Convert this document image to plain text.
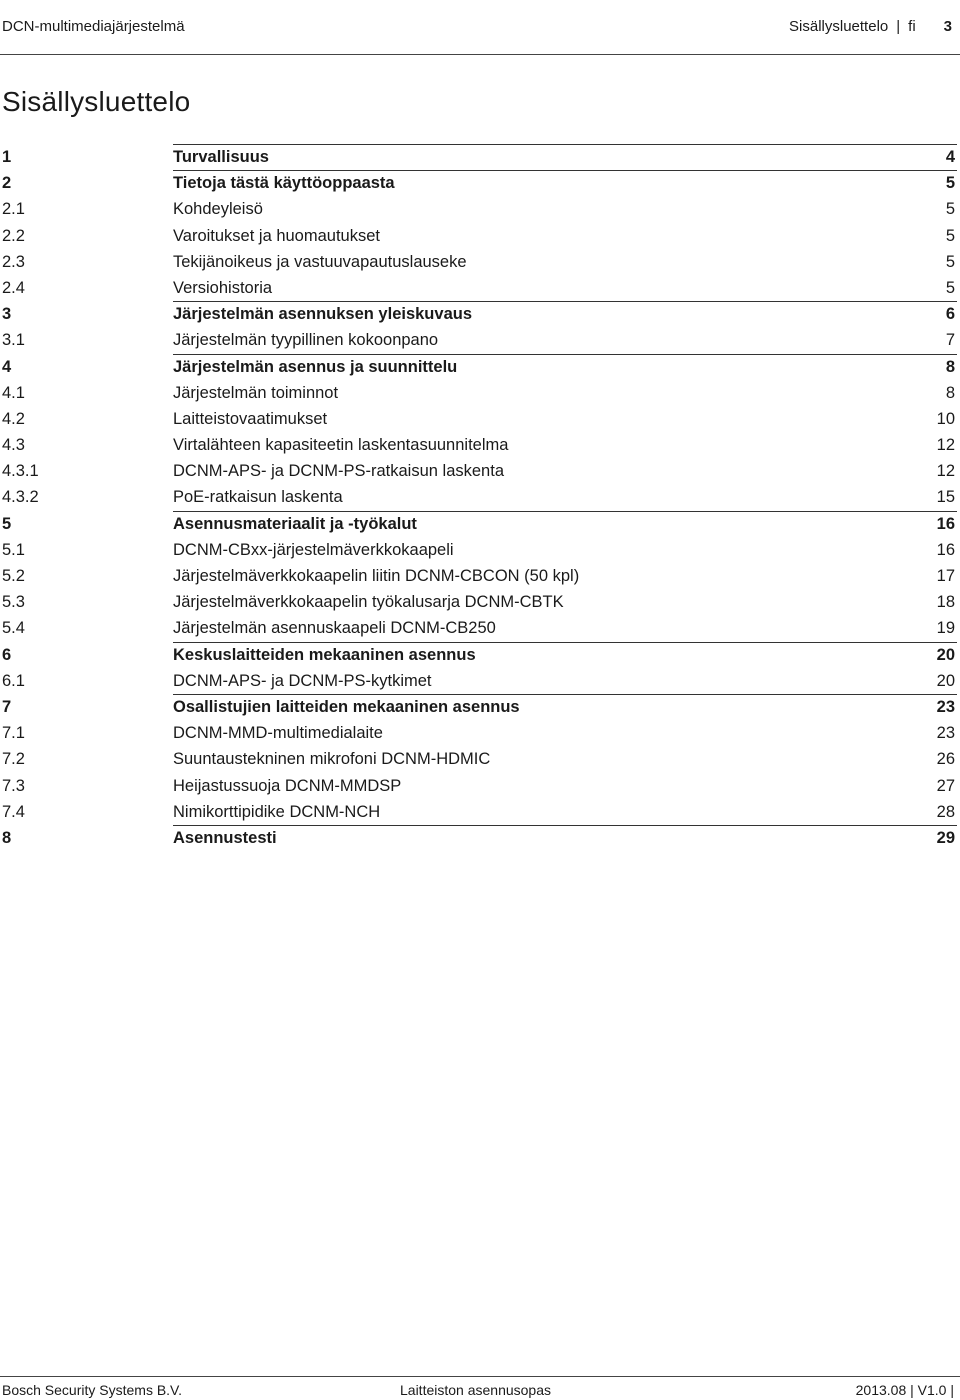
DCN-multimediajärjestelmä	Sisällysluettelo | fi 3
Sisällysluettelo
1	Turvallisuus	4
2	Tietoja tästä käyttöoppaasta	5
2.1	Kohdeyleisö	5
2.2	Varoitukset ja huomautukset	5
2.3	Tekijänoikeus ja vastuuvapautuslauseke	5
2.4	Versiohistoria	5
3	Järjestelmän asennuksen yleiskuvaus	6
3.1	Järjestelmän tyypillinen kokoonpano	7
4	Järjestelmän asennus ja suunnittelu	8
4.1	Järjestelmän toiminnot	8
4.2	Laitteistovaatimukset	10
4.3	Virtalähteen kapasiteetin laskentasuunnitelma	12
4.3.1	DCNM-APS- ja DCNM-PS-ratkaisun laskenta	12
4.3.2	PoE-ratkaisun laskenta	15
5	Asennusmateriaalit ja -työkalut	16
5.1	DCNM-CBxx-järjestelmäverkkokaapeli	16
5.2	Järjestelmäverkkokaapelin liitin DCNM-CBCON (50 kpl)	17
5.3	Järjestelmäverkkokaapelin työkalusarja DCNM-CBTK	18
5.4	Järjestelmän asennuskaapeli DCNM-CB250	19
6	Keskuslaitteiden mekaaninen asennus	20
6.1	DCNM-APS- ja DCNM-PS-kytkimet	20
7	Osallistujien laitteiden mekaaninen asennus	23
7.1	DCNM-MMD-multimedialaite	23
7.2	Suuntaustekninen mikrofoni DCNM-HDMIC	26
7.3	Heijastussuoja DCNM-MMDSP	27
7.4	Nimikorttipidike DCNM-NCH	28
8	Asennustesti	29
Bosch Security Systems B.V.	Laitteiston asennusopas	2013.08 | V1.0 |
